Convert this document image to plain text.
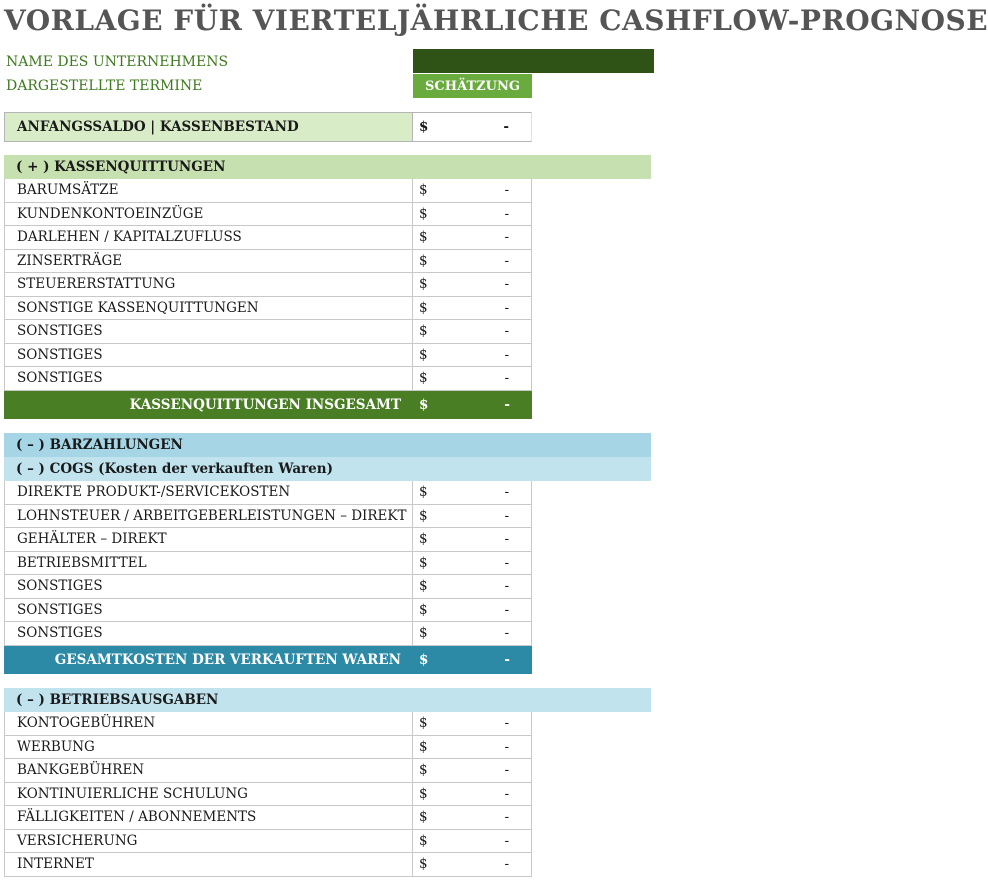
VORLAGE FÜR VIERTELJÄHRLICHE CASHFLOW-PROGNOSE
NAME DES UNTERNEHMENS
DARGESTELLTE TERMINE	SCHÄTZUNG
ANFANGSSALDO | KASSENBESTAND	$	-
( + ) KASSENQUITTUNGEN
BARUMSÄTZE	$	-
KUNDENKONTOEINZÜGE	$	-
DARLEHEN / KAPITALZUFLUSS	$	-
ZINSERTRÄGE	$	-
STEUERERSTATTUNG	$	-
SONSTIGE KASSENQUITTUNGEN	$	-
SONSTIGES	$	-
SONSTIGES	$	-
SONSTIGES	$	-
KASSENQUITTUNGEN INSGESAMT	$	-
( – ) BARZAHLUNGEN
( – ) COGS (Kosten der verkauften Waren)
DIREKTE PRODUKT-/SERVICEKOSTEN	$	-
LOHNSTEUER / ARBEITGEBERLEISTUNGEN – DIREKT $	-
GEHÄLTER – DIREKT	$	-
BETRIEBSMITTEL	$	-
SONSTIGES	$	-
SONSTIGES	$	-
SONSTIGES	$	-
GESAMTKOSTEN DER VERKAUFTEN WAREN	$	-
( – ) BETRIEBSAUSGABEN
KONTOGEBÜHREN	$	-
WERBUNG	$	-
BANKGEBÜHREN	$	-
KONTINUIERLICHE SCHULUNG	$	-
FÄLLIGKEITEN / ABONNEMENTS	$	-
VERSICHERUNG	$	-
INTERNET	$	-
